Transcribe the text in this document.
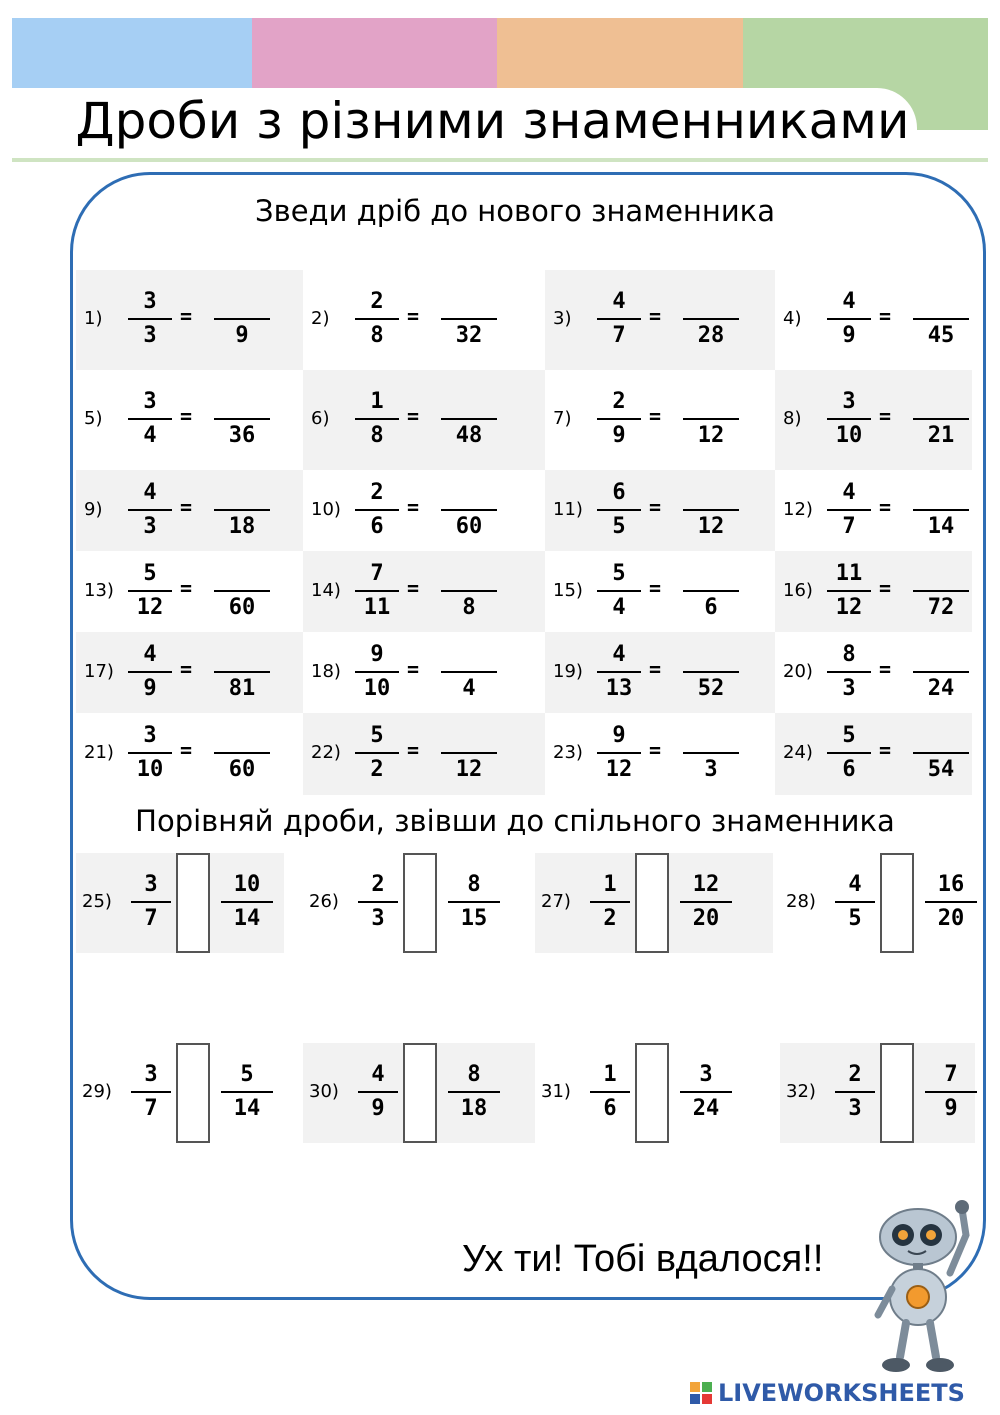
Дроби з різними знаменниками
Зведи дріб до нового знаменника
1)
3
3
=

9
2)
2
8
=

32
3)
4
7
=

28
4)
4
9
=

45
5)
3
4
=

36
6)
1
8
=

48
7)
2
9
=

12
8)
3
10
=

21
9)
4
3
=

18
10)
2
6
=

60
11)
6
5
=

12
12)
4
7
=

14
13)
5
12
=

60
14)
7
11
=

8
15)
5
4
=

6
16)
11
12
=

72
17)
4
9
=

81
18)
9
10
=

4
19)
4
13
=

52
20)
8
3
=

24
21)
3
10
=

60
22)
5
2
=

12
23)
9
12
=

3
24)
5
6
=

54
Порівняй дроби, звівши до спільного знаменника
25)
3
7
10
14
26)
2
3
8
15
27)
1
2
12
20
28)
4
5
16
20
29)
3
7
5
14
30)
4
9
8
18
31)
1
6
3
24
32)
2
3
7
9
Ух ти! Тобі вдалося!!
LIVEWORKSHEETS
